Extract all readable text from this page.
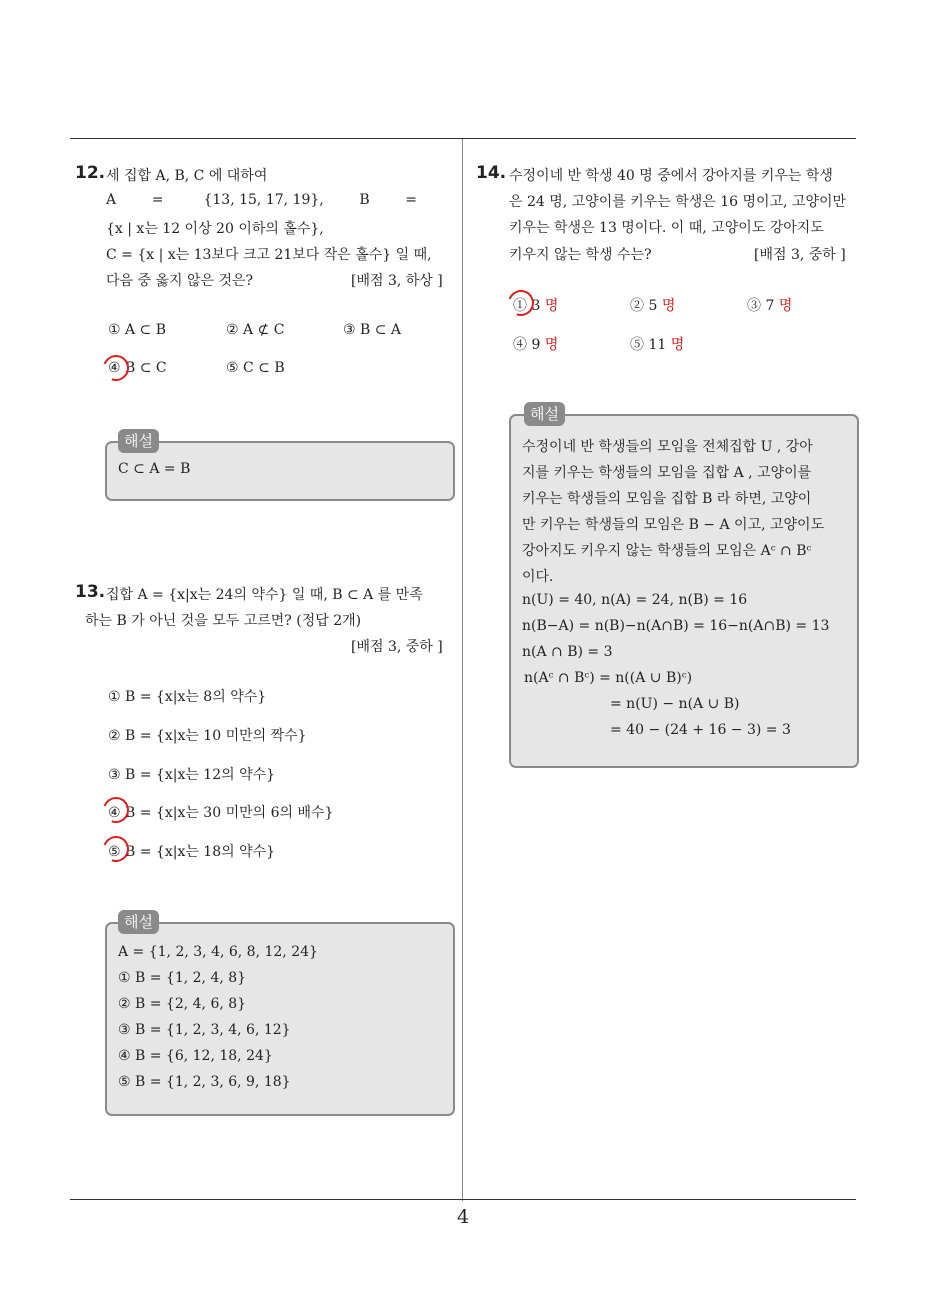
12. 세 집합 A, B, C 에 대하여
A        =         {13, 15, 17, 19},        B        =
{x | x는 12 이상 20 이하의 홀수},
C = {x | x는 13보다 크고 21보다 작은 홀수} 일 때,
다음 중 옳지 않은 것은?	[배점 3, 하상 ]
① A ⊂ B	② A ⊄ C	③ B ⊂ A
④ B ⊂ C	⑤ C ⊂ B
해설
C ⊂ A = B
13. 집합 A = {x|x는 24의 약수} 일 때, B ⊂ A 를 만족
하는 B 가 아닌 것을 모두 고르면? (정답 2개)
[배점 3, 중하 ]
① B = {x|x는 8의 약수}
② B = {x|x는 10 미만의 짝수}
③ B = {x|x는 12의 약수}
④ B = {x|x는 30 미만의 6의 배수}
⑤ B = {x|x는 18의 약수}
해설
A = {1, 2, 3, 4, 6, 8, 12, 24}
① B = {1, 2, 4, 8}
② B = {2, 4, 6, 8}
③ B = {1, 2, 3, 4, 6, 12}
④ B = {6, 12, 18, 24}
⑤ B = {1, 2, 3, 6, 9, 18}
14. 수정이네 반 학생 40 명 중에서 강아지를 키우는 학생
은 24 명, 고양이를 키우는 학생은 16 명이고, 고양이만
키우는 학생은 13 명이다. 이 때, 고양이도 강아지도
키우지 않는 학생 수는?	[배점 3, 중하 ]
① 3 명	② 5 명	③ 7 명
④ 9 명	⑤ 11 명
해설
수정이네 반 학생들의 모임을 전체집합 U , 강아
지를 키우는 학생들의 모임을 집합 A , 고양이를
키우는 학생들의 모임을 집합 B 라 하면, 고양이
만 키우는 학생들의 모임은 B − A 이고, 고양이도
강아지도 키우지 않는 학생들의 모임은 Aᶜ ∩ Bᶜ
이다.
n(U) = 40, n(A) = 24, n(B) = 16
n(B−A) = n(B)−n(A∩B) = 16−n(A∩B) = 13
n(A ∩ B) = 3
n(Aᶜ ∩ Bᶜ) = n((A ∪ B)ᶜ)
= n(U) − n(A ∪ B)
= 40 − (24 + 16 − 3) = 3
4
